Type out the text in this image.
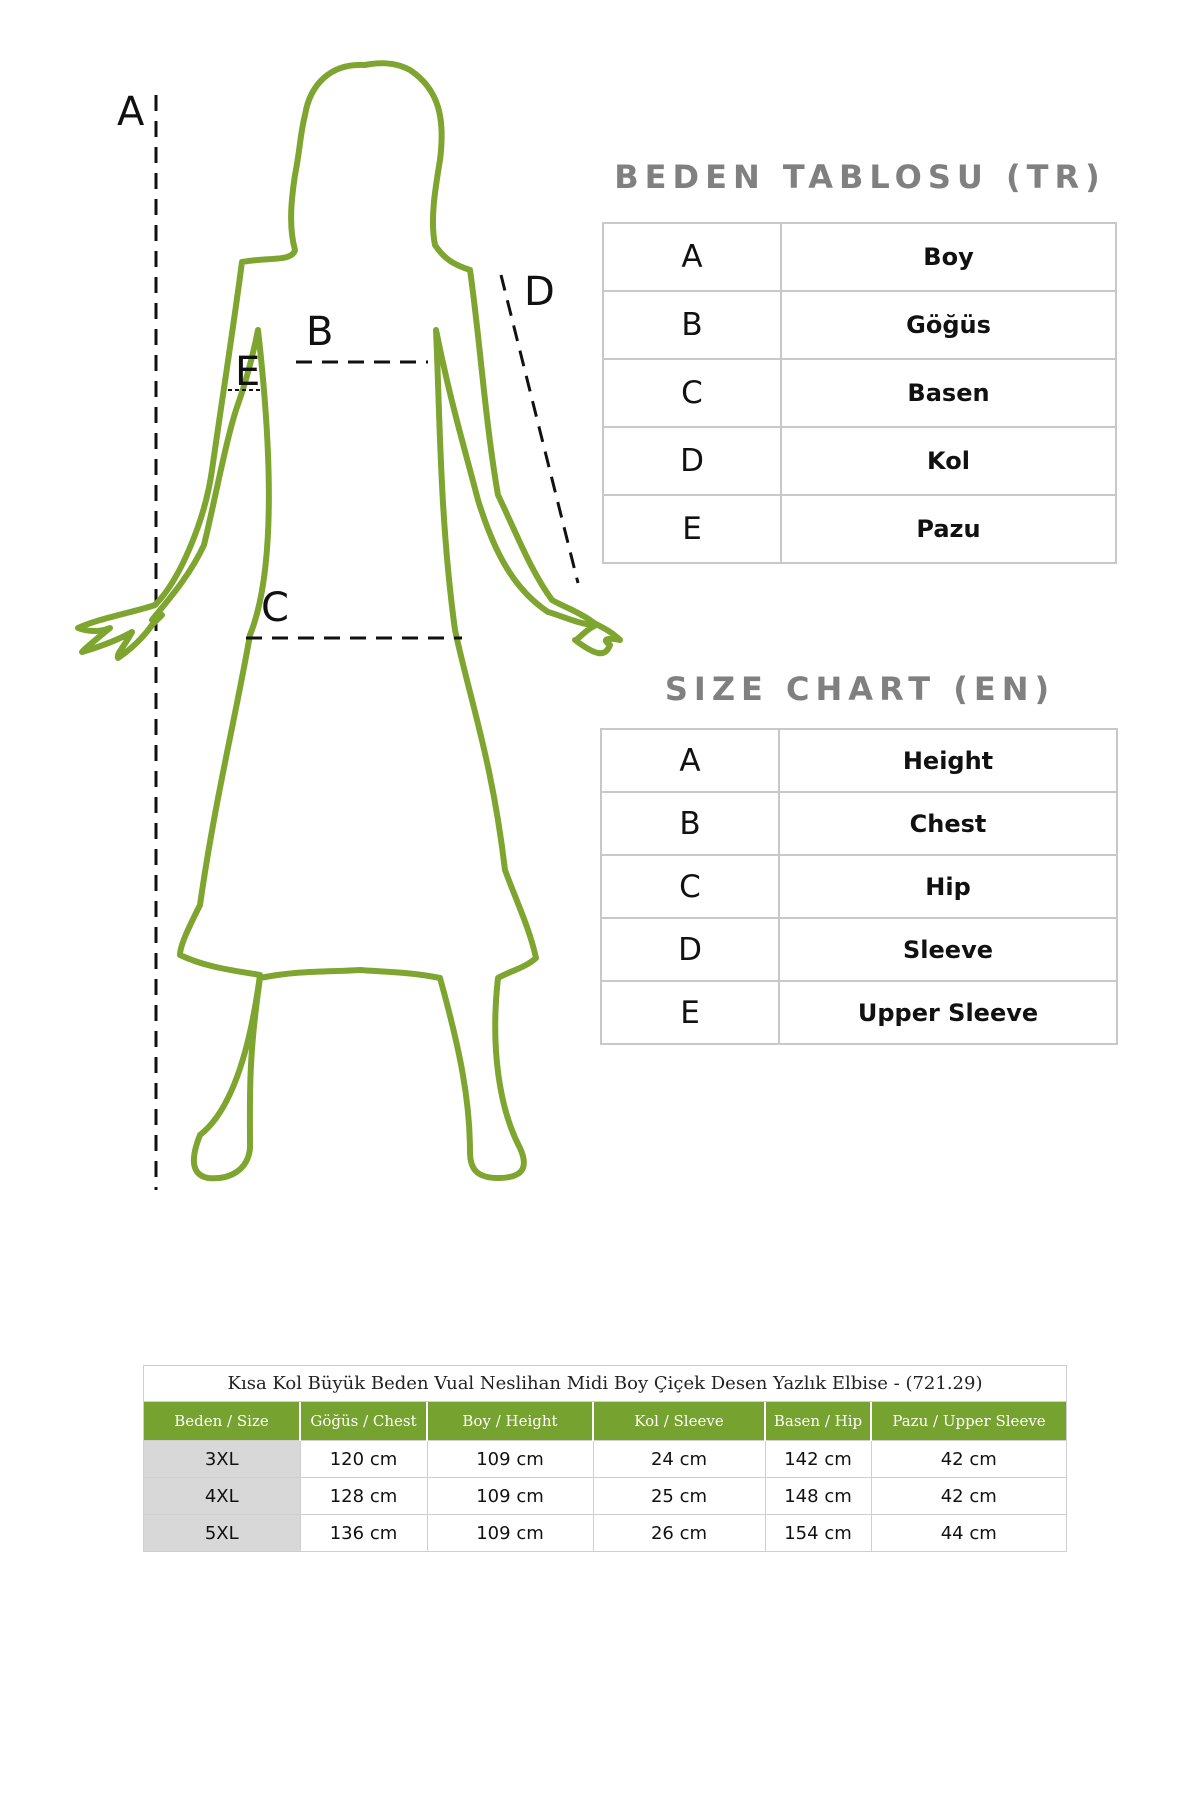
A
B
C
D
E
BEDEN TABLOSU (TR)
A	Boy
B	Göğüs
C	Basen
D	Kol
E	Pazu
SIZE CHART (EN)
A	Height
B	Chest
C	Hip
D	Sleeve
E	Upper Sleeve
Kısa Kol Büyük Beden Vual Neslihan Midi Boy Çiçek Desen Yazlık Elbise - (721.29)
Beden / Size	Göğüs / Chest	Boy / Height	Kol / Sleeve	Basen / Hip	Pazu / Upper Sleeve
3XL	120 cm	109 cm	24 cm	142 cm	42 cm
4XL	128 cm	109 cm	25 cm	148 cm	42 cm
5XL	136 cm	109 cm	26 cm	154 cm	44 cm
